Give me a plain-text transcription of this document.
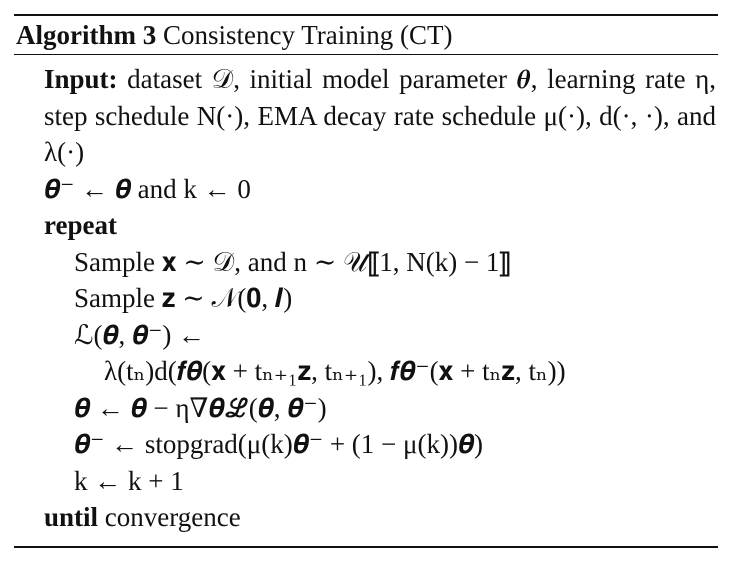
Algorithm 3 Consistency Training (CT)
Input: dataset 𝒟, initial model parameter 𝜽, learning rate η, step schedule N(·), EMA decay rate schedule μ(·), d(·, ·), and λ(·)
𝜽⁻ ← 𝜽 and k ← 0
repeat
Sample 𝐱 ∼ 𝒟, and n ∼ 𝒰⟦1, N(k) − 1⟧
Sample 𝐳 ∼ 𝒩(𝟎, 𝑰)
ℒ(𝜽, 𝜽⁻) ←
λ(tₙ)d(𝒇𝜽(𝐱 + tₙ₊₁𝐳, tₙ₊₁), 𝒇𝜽⁻(𝐱 + tₙ𝐳, tₙ))
𝜽 ← 𝜽 − η∇𝜽ℒ(𝜽, 𝜽⁻)
𝜽⁻ ← stopgrad(μ(k)𝜽⁻ + (1 − μ(k))𝜽)
k ← k + 1
until convergence
